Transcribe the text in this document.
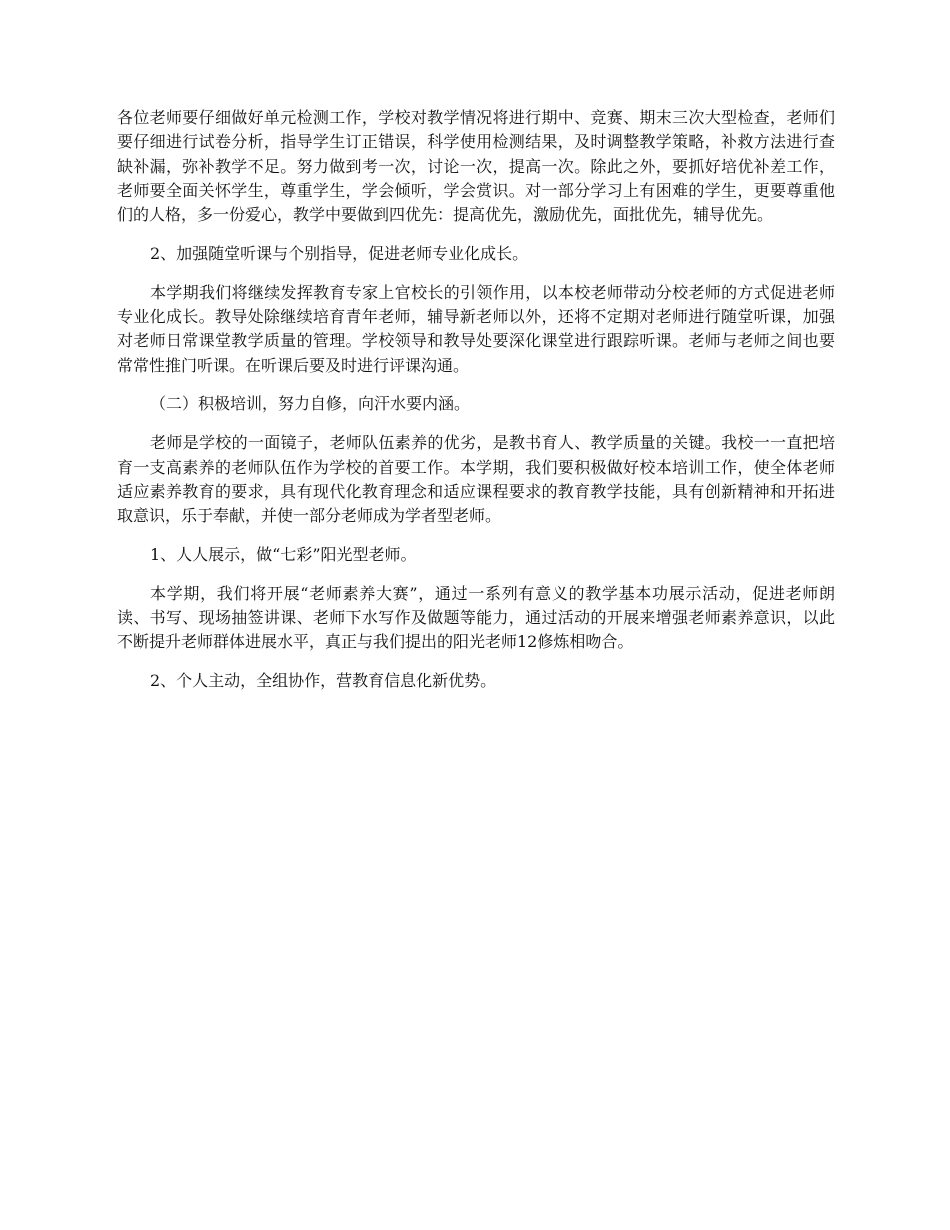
各位老师要仔细做好单元检测工作，学校对教学情况将进行期中、竞赛、期末三次大型检查，老师们要仔细进行试卷分析，指导学生订正错误，科学使用检测结果，及时调整教学策略，补救方法进行查缺补漏，弥补教学不足。努力做到考一次，讨论一次，提高一次。除此之外，要抓好培优补差工作，老师要全面关怀学生，尊重学生，学会倾听，学会赏识。对一部分学习上有困难的学生，更要尊重他们的人格，多一份爱心，教学中要做到四优先：提高优先，激励优先，面批优先，辅导优先。

2、加强随堂听课与个别指导，促进老师专业化成长。

本学期我们将继续发挥教育专家上官校长的引领作用，以本校老师带动分校老师的方式促进老师专业化成长。教导处除继续培育青年老师，辅导新老师以外，还将不定期对老师进行随堂听课，加强对老师日常课堂教学质量的管理。学校领导和教导处要深化课堂进行跟踪听课。老师与老师之间也要常常性推门听课。在听课后要及时进行评课沟通。

（二）积极培训，努力自修，向汗水要内涵。

老师是学校的一面镜子，老师队伍素养的优劣，是教书育人、教学质量的关键。我校一一直把培育一支高素养的老师队伍作为学校的首要工作。本学期，我们要积极做好校本培训工作，使全体老师适应素养教育的要求，具有现代化教育理念和适应课程要求的教育教学技能，具有创新精神和开拓进取意识，乐于奉献，并使一部分老师成为学者型老师。

1、人人展示，做“七彩”阳光型老师。

本学期，我们将开展“老师素养大赛”，通过一系列有意义的教学基本功展示活动，促进老师朗读、书写、现场抽签讲课、老师下水写作及做题等能力，通过活动的开展来增强老师素养意识，以此不断提升老师群体进展水平，真正与我们提出的阳光老师12修炼相吻合。

2、个人主动，全组协作，营教育信息化新优势。
